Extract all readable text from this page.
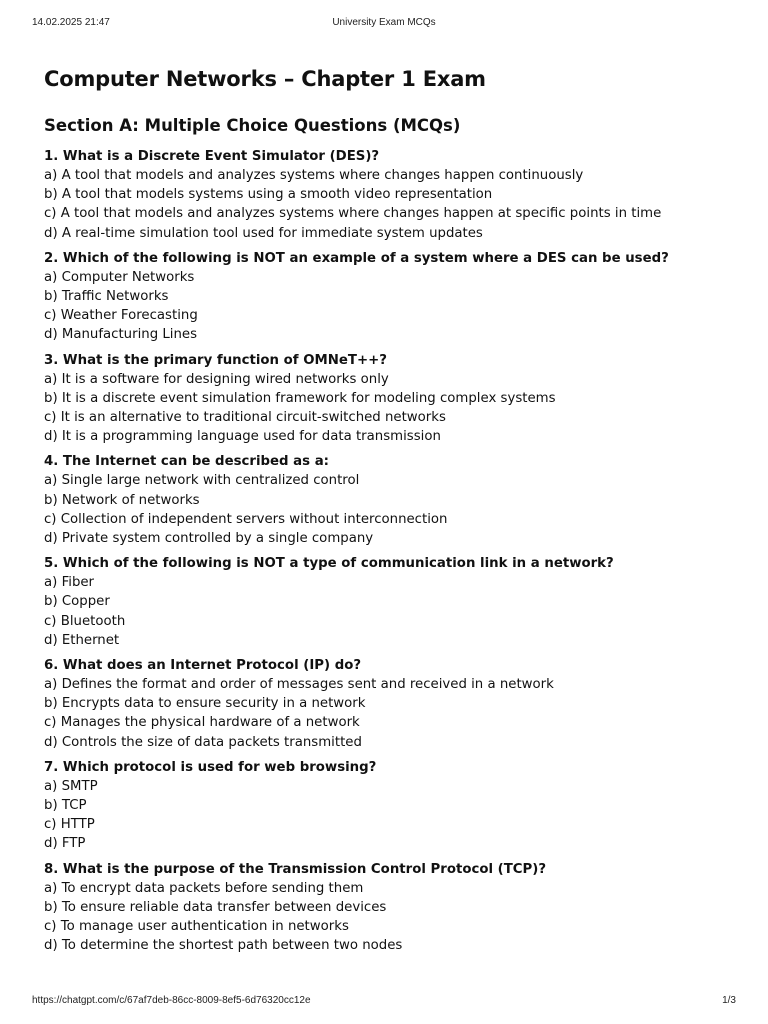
14.02.2025 21:47	University Exam MCQs
Computer Networks – Chapter 1 Exam
Section A: Multiple Choice Questions (MCQs)
1. What is a Discrete Event Simulator (DES)?
a) A tool that models and analyzes systems where changes happen continuously
b) A tool that models systems using a smooth video representation
c) A tool that models and analyzes systems where changes happen at specific points in time
d) A real-time simulation tool used for immediate system updates
2. Which of the following is NOT an example of a system where a DES can be used?
a) Computer Networks
b) Traffic Networks
c) Weather Forecasting
d) Manufacturing Lines
3. What is the primary function of OMNeT++?
a) It is a software for designing wired networks only
b) It is a discrete event simulation framework for modeling complex systems
c) It is an alternative to traditional circuit-switched networks
d) It is a programming language used for data transmission
4. The Internet can be described as a:
a) Single large network with centralized control
b) Network of networks
c) Collection of independent servers without interconnection
d) Private system controlled by a single company
5. Which of the following is NOT a type of communication link in a network?
a) Fiber
b) Copper
c) Bluetooth
d) Ethernet
6. What does an Internet Protocol (IP) do?
a) Defines the format and order of messages sent and received in a network
b) Encrypts data to ensure security in a network
c) Manages the physical hardware of a network
d) Controls the size of data packets transmitted
7. Which protocol is used for web browsing?
a) SMTP
b) TCP
c) HTTP
d) FTP
8. What is the purpose of the Transmission Control Protocol (TCP)?
a) To encrypt data packets before sending them
b) To ensure reliable data transfer between devices
c) To manage user authentication in networks
d) To determine the shortest path between two nodes
https://chatgpt.com/c/67af7deb-86cc-8009-8ef5-6d76320cc12e	1/3
